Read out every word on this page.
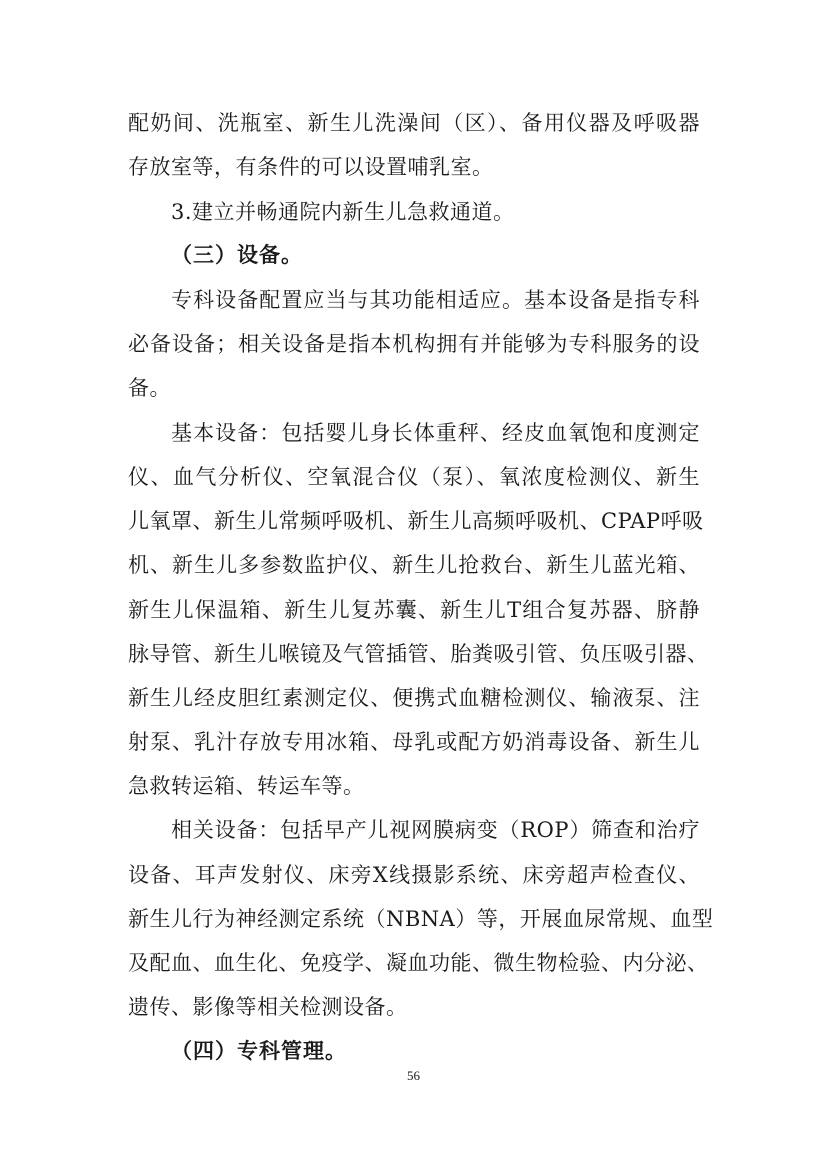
配奶间、洗瓶室、新生儿洗澡间（区）、备用仪器及呼吸器
存放室等，有条件的可以设置哺乳室。
3.建立并畅通院内新生儿急救通道。
（三）设备。
专科设备配置应当与其功能相适应。基本设备是指专科
必备设备；相关设备是指本机构拥有并能够为专科服务的设
备。
基本设备：包括婴儿身长体重秤、经皮血氧饱和度测定
仪、血气分析仪、空氧混合仪（泵）、氧浓度检测仪、新生
儿氧罩、新生儿常频呼吸机、新生儿高频呼吸机、CPAP呼吸
机、新生儿多参数监护仪、新生儿抢救台、新生儿蓝光箱、
新生儿保温箱、新生儿复苏囊、新生儿T组合复苏器、脐静
脉导管、新生儿喉镜及气管插管、胎粪吸引管、负压吸引器、
新生儿经皮胆红素测定仪、便携式血糖检测仪、输液泵、注
射泵、乳汁存放专用冰箱、母乳或配方奶消毒设备、新生儿
急救转运箱、转运车等。
相关设备：包括早产儿视网膜病变（ROP）筛查和治疗
设备、耳声发射仪、床旁X线摄影系统、床旁超声检查仪、
新生儿行为神经测定系统（NBNA）等，开展血尿常规、血型
及配血、血生化、免疫学、凝血功能、微生物检验、内分泌、
遗传、影像等相关检测设备。
（四）专科管理。
56
